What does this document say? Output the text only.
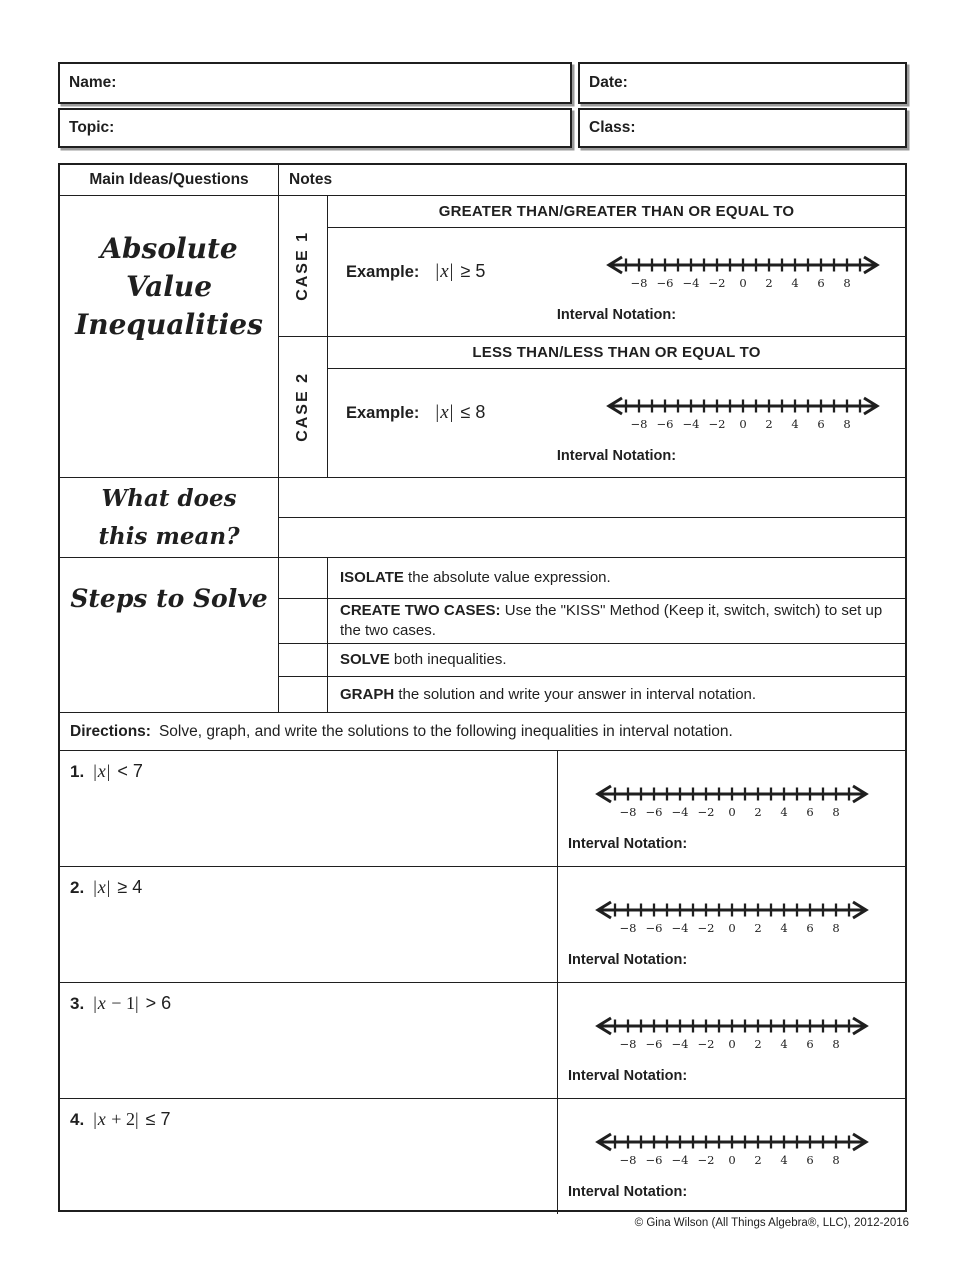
Name:	Date:
Topic:	Class:
Main Ideas/Questions	Notes
Absolute Value
Inequalities
CASE 1
GREATER THAN/GREATER THAN OR EQUAL TO
Example: |x| ≥ 5
−8 −6 −4 −2 0 2 4 6 8
Interval Notation:
CASE 2
LESS THAN/LESS THAN OR EQUAL TO
Example: |x| ≤ 8
−8 −6 −4 −2 0 2 4 6 8
Interval Notation:
What does
this mean?
Steps to Solve
ISOLATE the absolute value expression.
CREATE TWO CASES: Use the "KISS" Method (Keep it, switch, switch) to set up the two cases.
SOLVE both inequalities.
GRAPH the solution and write your answer in interval notation.
Directions: Solve, graph, and write the solutions to the following inequalities in interval notation.
1. |x| < 7
−8 −6 −4 −2 0 2 4 6 8
Interval Notation:
2. |x| ≥ 4
−8 −6 −4 −2 0 2 4 6 8
Interval Notation:
3. |x − 1| > 6
−8 −6 −4 −2 0 2 4 6 8
Interval Notation:
4. |x + 2| ≤ 7
−8 −6 −4 −2 0 2 4 6 8
Interval Notation:
© Gina Wilson (All Things Algebra®, LLC), 2012-2016
